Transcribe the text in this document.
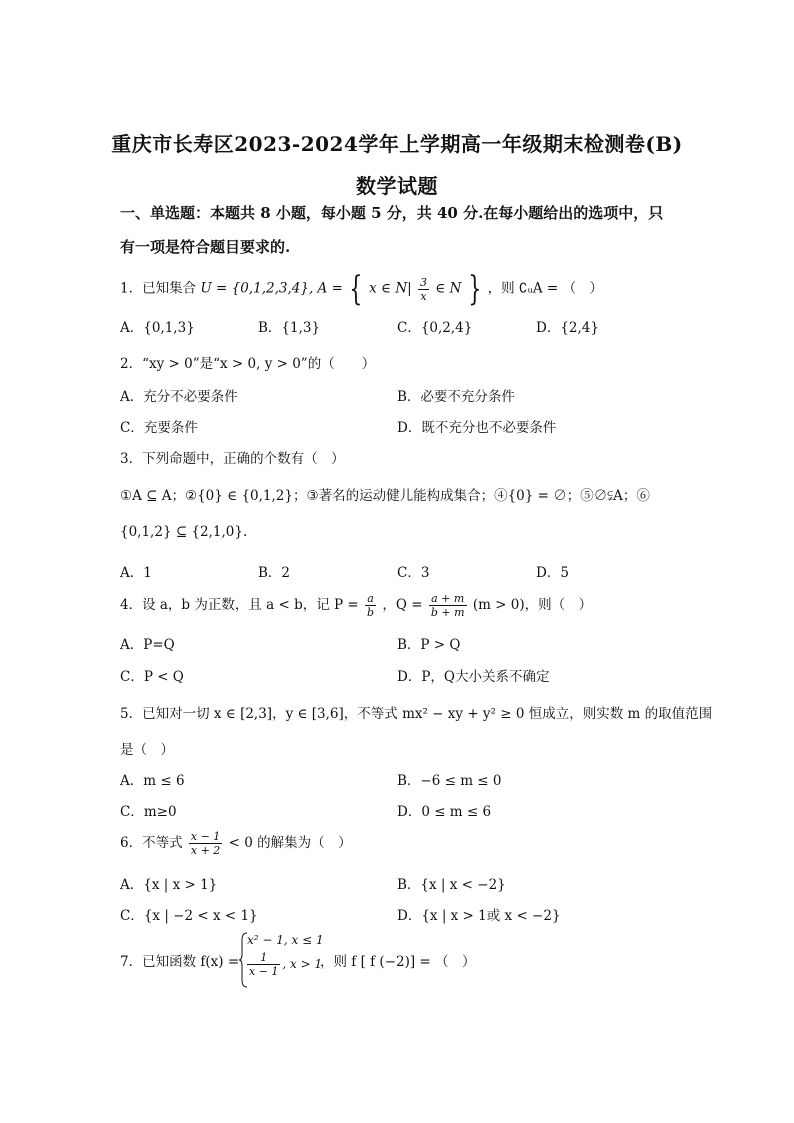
重庆市长寿区2023-2024学年上学期高一年级期末检测卷(B)
数学试题
一、单选题：本题共 8 小题，每小题 5 分，共 40 分.在每小题给出的选项中，只
有一项是符合题目要求的.
1．已知集合 U = {0,1,2,3,4}, A = { x ∈ $N| \frac{3}{x}$ ∈ N } ，则 ∁ᵤA = （　）
A．{0,1,3}	B．{1,3}	C．{0,2,4}	D．{2,4}
2．“xy > 0”是“x > 0, y > 0”的（　　）
A．充分不必要条件	B．必要不充分条件
C．充要条件	D．既不充分也不必要条件
3．下列命题中，正确的个数有（　）
①A ⊆ A；②{0} ∈ {0,1,2}；③著名的运动健儿能构成集合；④{0} = ∅；⑤∅⫋A；⑥
{0,1,2} ⊆ {2,1,0}.
A．1	B．2	C．3	D．5
4．设 a，b 为正数，且 a < b，记 $P = \frac{a}{b}$ ，$Q = \frac{a + m}{b + m} (m > 0)$，则（　）
A．P=Q	B．P > Q
C．P < Q	D．P，Q大小关系不确定
5．已知对一切 x ∈ [2,3]，y ∈ [3,6]，不等式 mx² − xy + y² ≥ 0 恒成立，则实数 m 的取值范围
是（　）
A．m ≤ 6	B．−6 ≤ m ≤ 0
C．m≥0	D．0 ≤ m ≤ 6
6．不等式 $\frac{x - 1}{x + 2} < 0$ 的解集为（　）
A．{x | x > 1}	B．{x | x < −2}
C．{x | −2 < x < 1}	D．{x | x > 1或 x < −2}
7．已知函数 f(x) =
x² − 1, x ≤ 1
$\frac{1}{x - 1}$ , x > 1
，则 f [ f (−2)] = （　）
